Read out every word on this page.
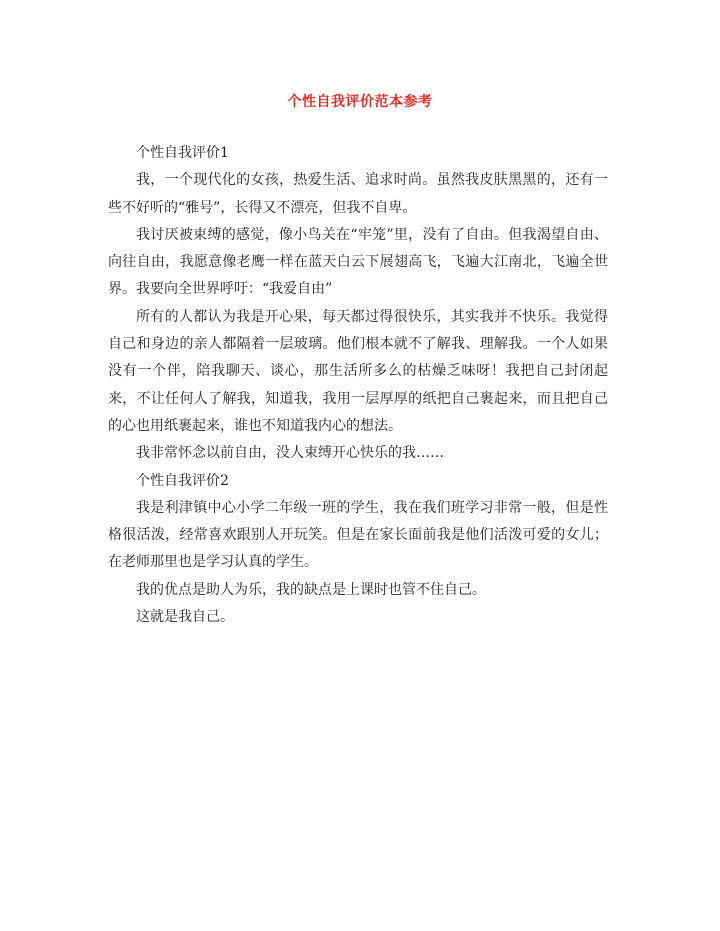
个性自我评价范本参考

个性自我评价1

我，一个现代化的女孩，热爱生活、追求时尚。虽然我皮肤黑黑的，还有一些不好听的“雅号”，长得又不漂亮，但我不自卑。

我讨厌被束缚的感觉，像小鸟关在“牢笼”里，没有了自由。但我渴望自由、向往自由，我愿意像老鹰一样在蓝天白云下展翅高飞，飞遍大江南北，飞遍全世界。我要向全世界呼吁：“我爱自由”

所有的人都认为我是开心果，每天都过得很快乐，其实我并不快乐。我觉得自己和身边的亲人都隔着一层玻璃。他们根本就不了解我、理解我。一个人如果没有一个伴，陪我聊天、谈心，那生活所多么的枯燥乏味呀！我把自己封闭起来，不让任何人了解我，知道我，我用一层厚厚的纸把自己裹起来，而且把自己的心也用纸裹起来，谁也不知道我内心的想法。

我非常怀念以前自由，没人束缚开心快乐的我……

个性自我评价2

我是利津镇中心小学二年级一班的学生，我在我们班学习非常一般，但是性格很活泼，经常喜欢跟别人开玩笑。但是在家长面前我是他们活泼可爱的女儿；在老师那里也是学习认真的学生。

我的优点是助人为乐，我的缺点是上课时也管不住自己。

这就是我自己。
